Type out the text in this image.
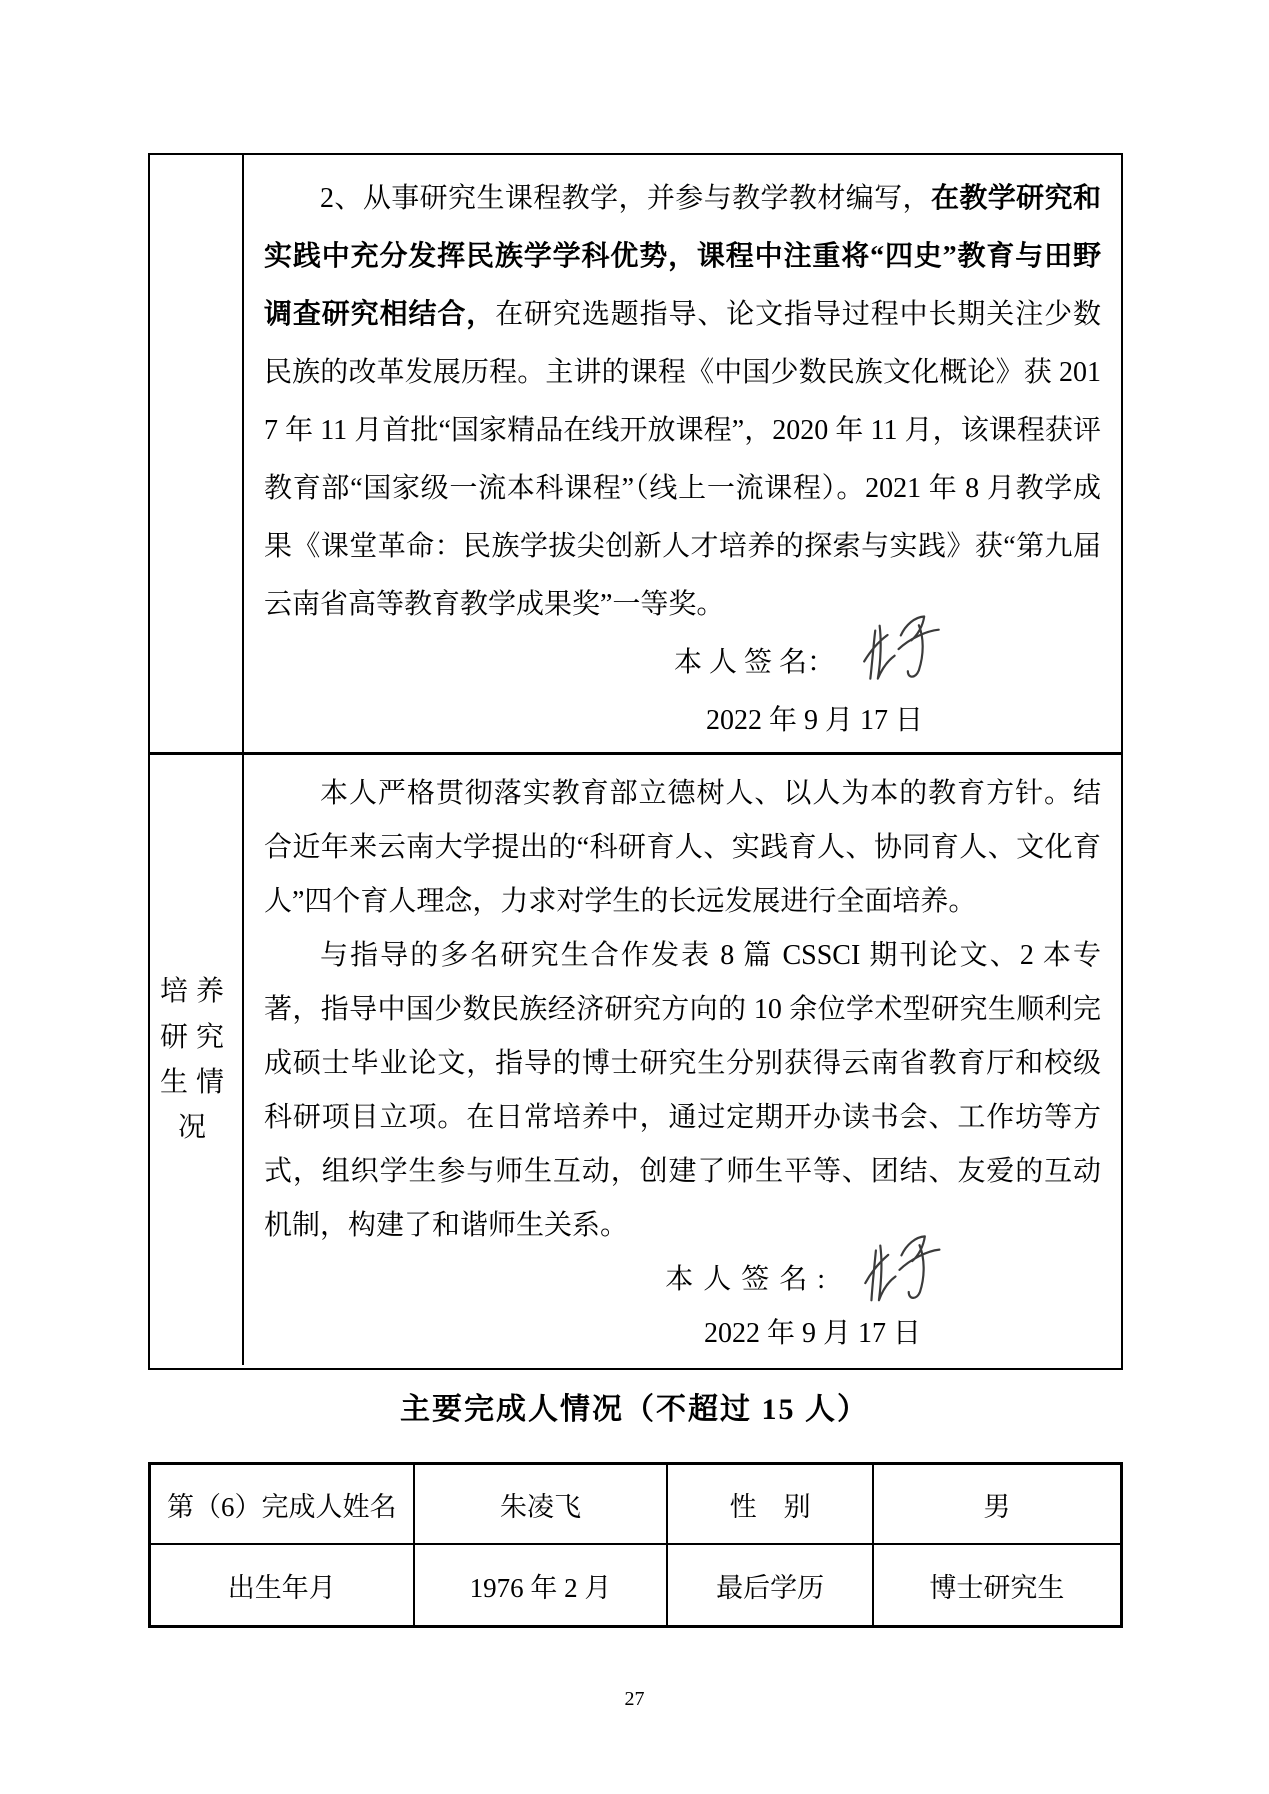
2、从事研究生课程教学，并参与教学教材编写，在教学研究和实践中充分发挥民族学学科优势，课程中注重将“四史”教育与田野调查研究相结合，在研究选题指导、论文指导过程中长期关注少数民族的改革发展历程。主讲的课程《中国少数民族文化概论》获 2017 年 11 月首批“国家精品在线开放课程”，2020 年 11 月，该课程获评教育部“国家级一流本科课程”（线上一流课程）。2021 年 8 月教学成果《课堂革命：民族学拔尖创新人才培养的探索与实践》获“第九届云南省高等教育教学成果奖”一等奖。

本 人 签 名：
2022 年 9 月 17 日
培养研究生情况

本人严格贯彻落实教育部立德树人、以人为本的教育方针。结合近年来云南大学提出的“科研育人、实践育人、协同育人、文化育人”四个育人理念，力求对学生的长远发展进行全面培养。

与指导的多名研究生合作发表 8 篇 CSSCI 期刊论文、2 本专著，指导中国少数民族经济研究方向的 10 余位学术型研究生顺利完成硕士毕业论文，指导的博士研究生分别获得云南省教育厅和校级科研项目立项。在日常培养中，通过定期开办读书会、工作坊等方式，组织学生参与师生互动，创建了师生平等、团结、友爱的互动机制，构建了和谐师生关系。

本人签名:
2022 年 9 月 17 日
主要完成人情况（不超过 15 人）
第（6）完成人姓名	朱凌飞	性　别	男
出生年月	1976 年 2 月	最后学历	博士研究生
27
